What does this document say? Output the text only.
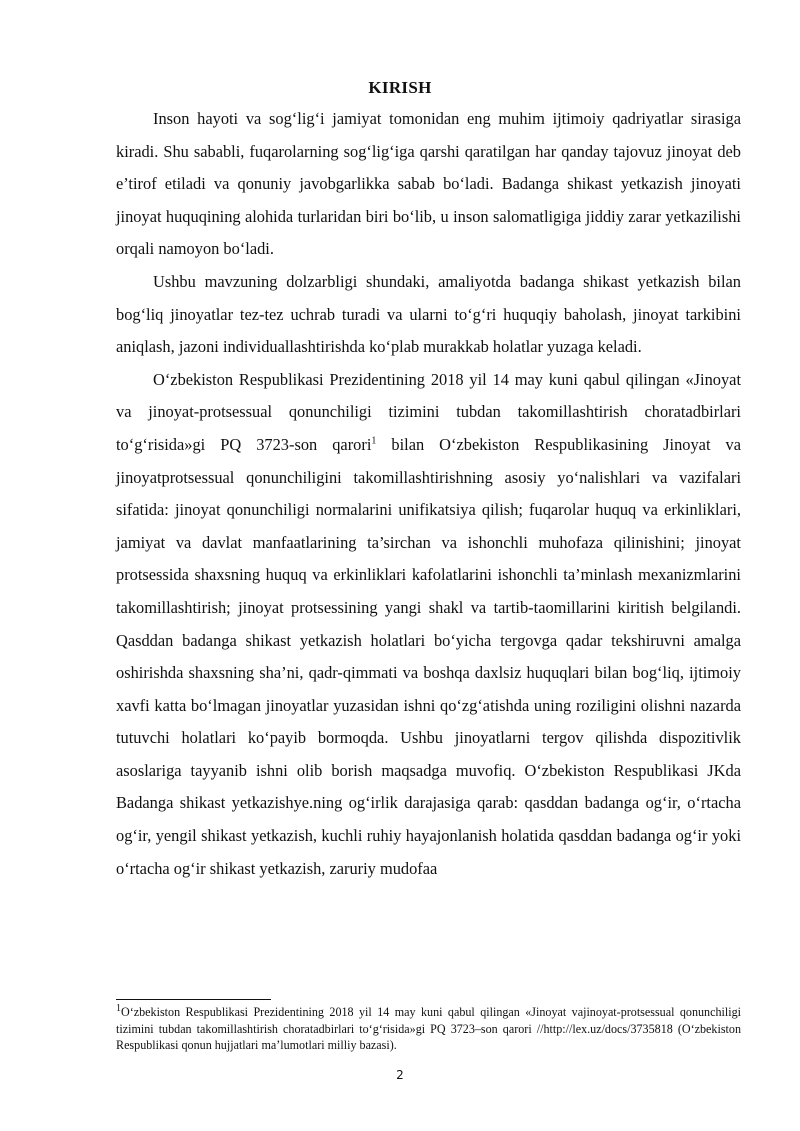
KIRISH

Inson hayoti va sog‘lig‘i jamiyat tomonidan eng muhim ijtimoiy qadriyatlar sirasiga kiradi. Shu sababli, fuqarolarning sog‘lig‘iga qarshi qaratilgan har qanday tajovuz jinoyat deb e’tirof etiladi va qonuniy javobgarlikka sabab bo‘ladi. Badanga shikast yetkazish jinoyati jinoyat huquqining alohida turlaridan biri bo‘lib, u inson salomatligiga jiddiy zarar yetkazilishi orqali namoyon bo‘ladi.

Ushbu mavzuning dolzarbligi shundaki, amaliyotda badanga shikast yetkazish bilan bog‘liq jinoyatlar tez-tez uchrab turadi va ularni to‘g‘ri huquqiy baholash, jinoyat tarkibini aniqlash, jazoni individuallashtirishda ko‘plab murakkab holatlar yuzaga keladi.

O‘zbekiston Respublikasi Prezidentining 2018 yil 14 may kuni qabul qilingan «Jinoyat va jinoyat-protsessual qonunchiligi tizimini tubdan takomillashtirish choratadbirlari to‘g‘risida»gi PQ 3723-son qarori$^1$ bilan O‘zbekiston Respublikasining Jinoyat va jinoyatprotsessual qonunchiligini takomillashtirishning asosiy yo‘nalishlari va vazifalari sifatida: jinoyat qonunchiligi normalarini unifikatsiya qilish; fuqarolar huquq va erkinliklari, jamiyat va davlat manfaatlarining ta’sirchan va ishonchli muhofaza qilinishini; jinoyat protsessida shaxsning huquq va erkinliklari kafolatlarini ishonchli ta’minlash mexanizmlarini takomillashtirish; jinoyat protsessining yangi shakl va tartib-taomillarini kiritish belgilandi. Qasddan badanga shikast yetkazish holatlari bo‘yicha tergovga qadar tekshiruvni amalga oshirishda shaxsning sha’ni, qadr-qimmati va boshqa daxlsiz huquqlari bilan bog‘liq, ijtimoiy xavfi katta bo‘lmagan jinoyatlar yuzasidan ishni qo‘zg‘atishda uning roziligini olishni nazarda tutuvchi holatlari ko‘payib bormoqda. Ushbu jinoyatlarni tergov qilishda dispozitivlik asoslariga tayyanib ishni olib borish maqsadga muvofiq. O‘zbekiston Respublikasi JKda Badanga shikast yetkazishye.ning og‘irlik darajasiga qarab: qasddan badanga og‘ir, o‘rtacha og‘ir, yengil shikast yetkazish, kuchli ruhiy hayajonlanish holatida qasddan badanga og‘ir yoki o‘rtacha og‘ir shikast yetkazish, zaruriy mudofaa

$^1$O‘zbekiston Respublikasi Prezidentining 2018 yil 14 may kuni qabul qilingan «Jinoyat vajinoyat-protsessual qonunchiligi tizimini tubdan takomillashtirish choratadbirlari to‘g‘risida»gi PQ 3723–son qarori //http://lex.uz/docs/3735818 (O‘zbekiston Respublikasi qonun hujjatlari ma’lumotlari milliy bazasi).
2
